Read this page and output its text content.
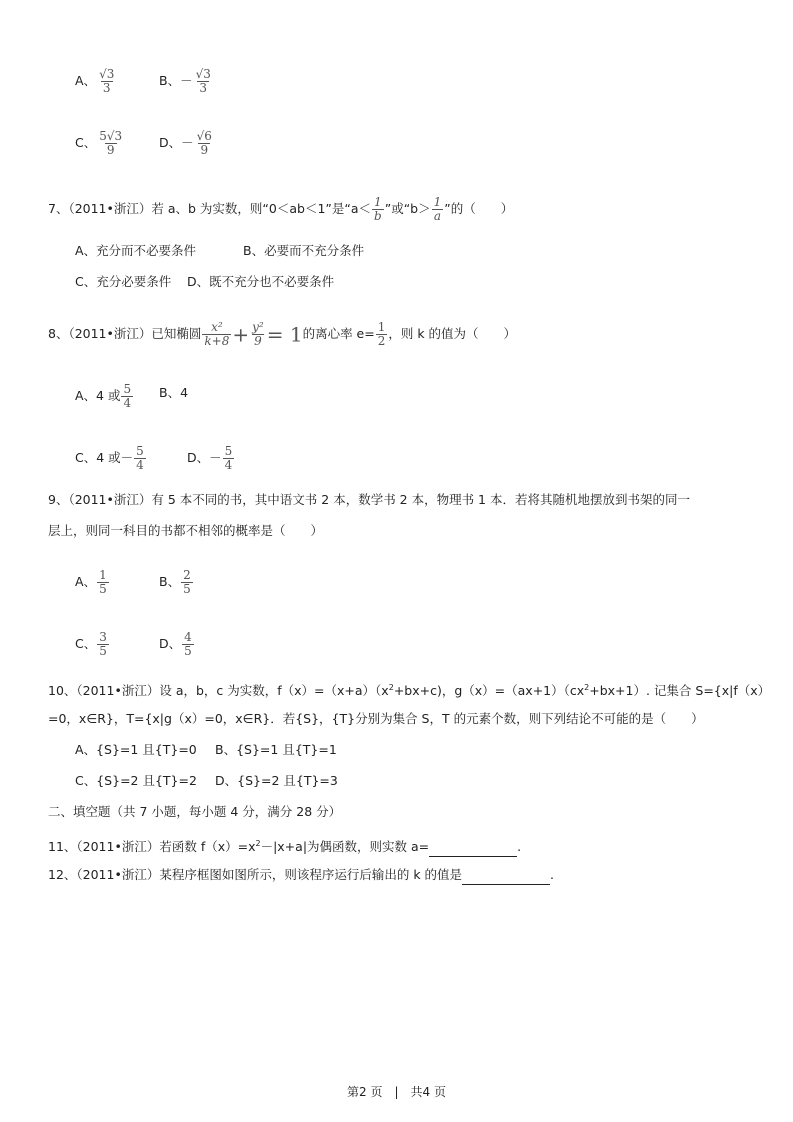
A、 $\frac{√3}{3}$	B、－ $\frac{√3}{3}$
C、 $\frac{5√3}{9}$	D、－ $\frac{√6}{9}$
7、（2011•浙江）若 a、b 为实数，则“0＜ab＜1”是“$a< \frac{1}{b}$ ”或“$b> \frac{1}{a}$ ”的（　　）
A、充分而不必要条件	B、必要而不充分条件
C、充分必要条件 D、既不充分也不必要条件
8、（2011•浙江）已知椭圆 $\frac{\text{x²}}{k+8} + \frac{\text{y²}}{9} = 1$的离心率 $e= \frac{1}{2}$ ，则 k 的值为（　　）
A、4 或 $\frac{5}{4}$ B、4
C、4 或－ $\frac{5}{4}$	D、－ $\frac{5}{4}$
9、（2011•浙江）有 5 本不同的书，其中语文书 2 本，数学书 2 本，物理书 1 本．若将其随机地摆放到书架的同一
层上，则同一科目的书都不相邻的概率是（　　）
A、 $\frac{1}{5}$	B、 $\frac{2}{5}$
C、 $\frac{3}{5}$	D、 $\frac{4}{5}$
10、（2011•浙江）设 a，b，c 为实数，$f(x)=(x+a)(x^2+bx+c)$，$g(x)=(ax+1)(cx^2+bx+1)$. 记集合 S={x|f（x）
=0，x∈R}，T={x|g（x）=0，x∈R}．若{S}，{T}分别为集合 S，T 的元素个数，则下列结论不可能的是（　　）
A、{S}=1 且{T}=0 B、{S}=1 且{T}=1
C、{S}=2 且{T}=2 D、{S}=2 且{T}=3
二、填空题（共 7 小题，每小题 4 分，满分 28 分）
11、（2011•浙江）若函数 $f(x)=x^2-|x+a|$为偶函数，则实数 a=	.
12、（2011•浙江）某程序框图如图所示，则该程序运行后输出的 k 的值是	.
第2 页　|　共4 页
